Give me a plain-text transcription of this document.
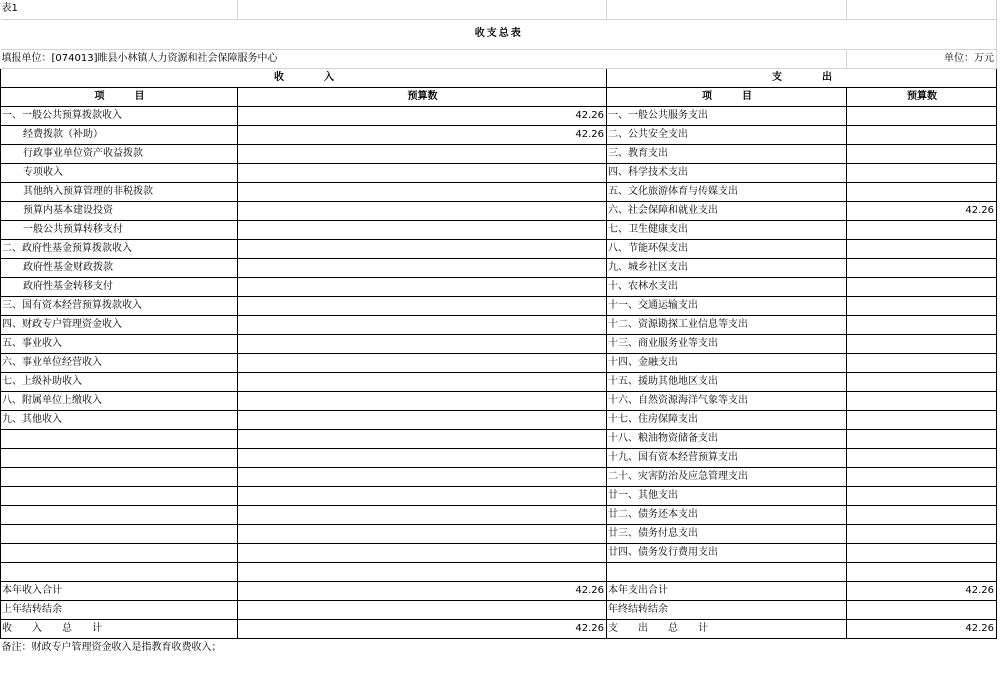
表1			
收支总表			
填报单位：[074013]睢县小林镇人力资源和社会保障服务中心			单位：万元
收　　　　入		支　　　　出	
项　　　目	预算数	项　　　目	预算数
一、一般公共预算拨款收入	42.26	一、一般公共服务支出	
经费拨款（补助）	42.26	二、公共安全支出	
行政事业单位资产收益拨款		三、教育支出	
专项收入		四、科学技术支出	
其他纳入预算管理的非税拨款		五、文化旅游体育与传媒支出	
预算内基本建设投资		六、社会保障和就业支出	42.26
一般公共预算转移支付		七、卫生健康支出	
二、政府性基金预算拨款收入		八、节能环保支出	
政府性基金财政拨款		九、城乡社区支出	
政府性基金转移支付		十、农林水支出	
三、国有资本经营预算拨款收入		十一、交通运输支出	
四、财政专户管理资金收入		十二、资源勘探工业信息等支出	
五、事业收入		十三、商业服务业等支出	
六、事业单位经营收入		十四、金融支出	
七、上级补助收入		十五、援助其他地区支出	
八、附属单位上缴收入		十六、自然资源海洋气象等支出	
九、其他收入		十七、住房保障支出	
		十八、粮油物资储备支出	
		十九、国有资本经营预算支出	
		二十、灾害防治及应急管理支出	
		廿一、其他支出	
		廿二、债务还本支出	
		廿三、债务付息支出	
		廿四、债务发行费用支出	

本年收入合计	42.26	本年支出合计	42.26
上年结转结余		年终结转结余	
收　　入　　总　　计	42.26	支　　出　　总　　计	42.26
备注：财政专户管理资金收入是指教育收费收入；			
